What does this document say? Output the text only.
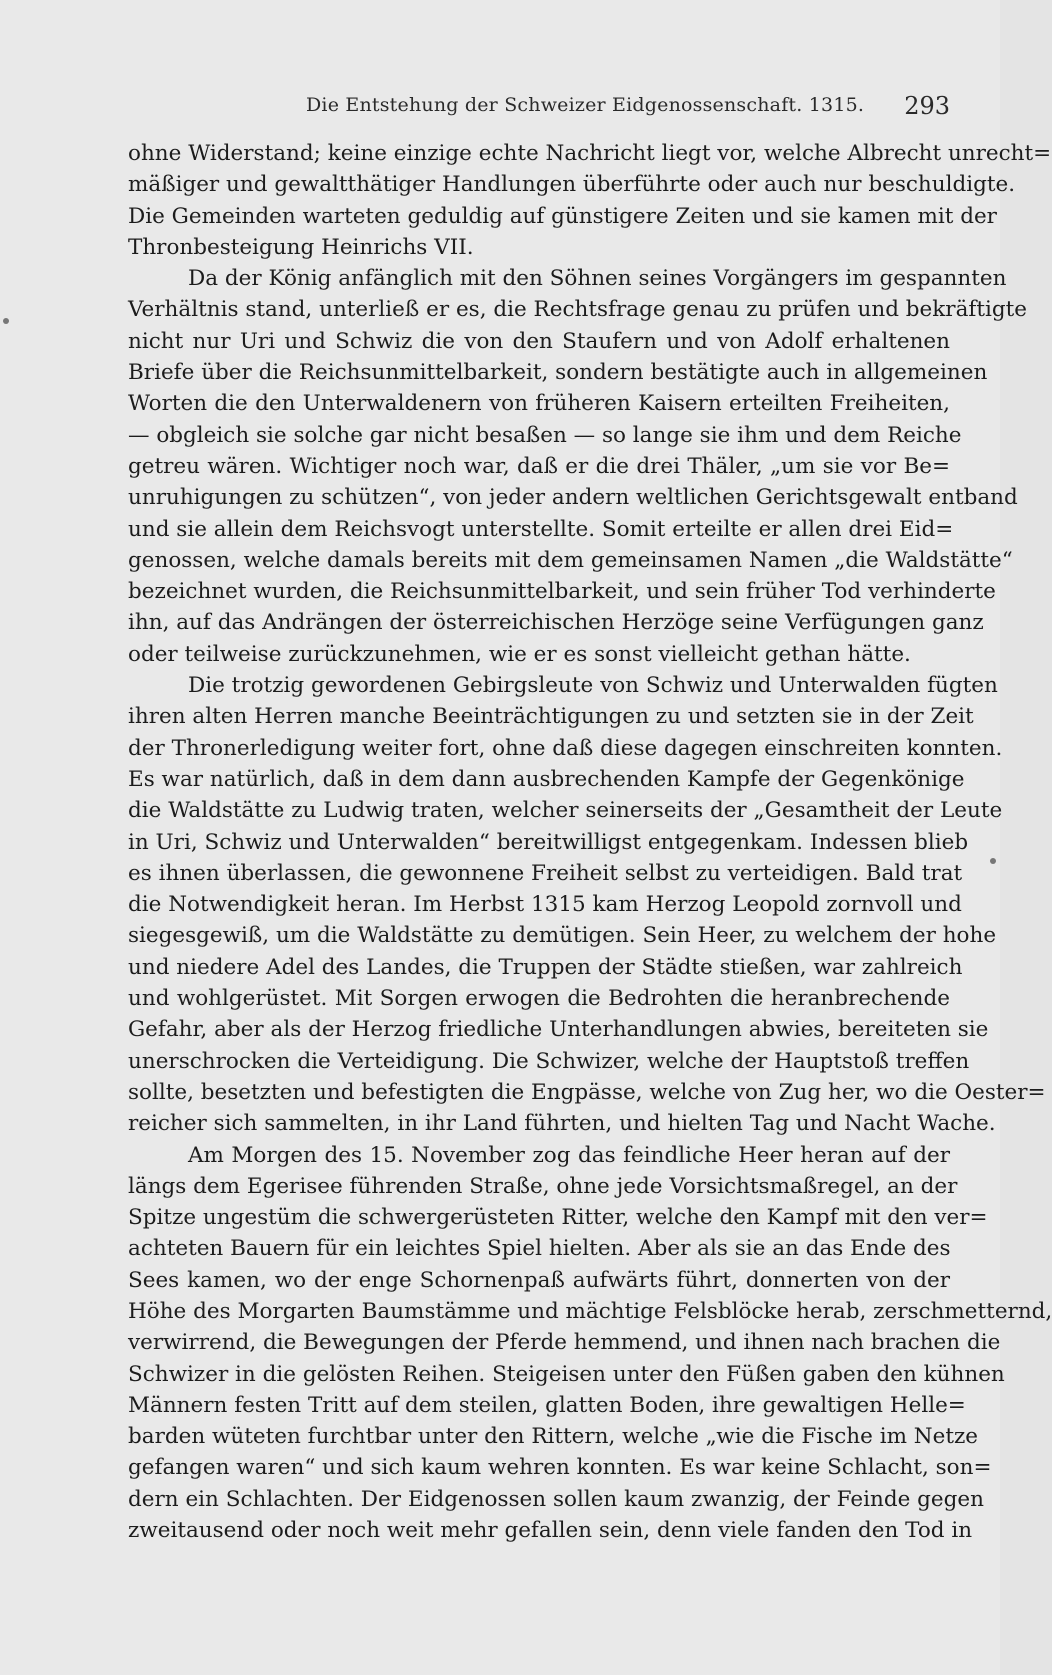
Die Entstehung der Schweizer Eidgenossenschaft. 1315. 293
ohne Widerstand; keine einzige echte Nachricht liegt vor, welche Albrecht unrecht=
mäßiger und gewaltthätiger Handlungen überführte oder auch nur beschuldigte.
Die Gemeinden warteten geduldig auf günstigere Zeiten und sie kamen mit der
Thronbesteigung Heinrichs VII.
Da der König anfänglich mit den Söhnen seines Vorgängers im gespannten
Verhältnis stand, unterließ er es, die Rechtsfrage genau zu prüfen und bekräftigte
nicht nur Uri und Schwiz die von den Staufern und von Adolf erhaltenen
Briefe über die Reichsunmittelbarkeit, sondern bestätigte auch in allgemeinen
Worten die den Unterwaldenern von früheren Kaisern erteilten Freiheiten,
— obgleich sie solche gar nicht besaßen — so lange sie ihm und dem Reiche
getreu wären. Wichtiger noch war, daß er die drei Thäler, „um sie vor Be=
unruhigungen zu schützen“, von jeder andern weltlichen Gerichtsgewalt entband
und sie allein dem Reichsvogt unterstellte. Somit erteilte er allen drei Eid=
genossen, welche damals bereits mit dem gemeinsamen Namen „die Waldstätte“
bezeichnet wurden, die Reichsunmittelbarkeit, und sein früher Tod verhinderte
ihn, auf das Andrängen der österreichischen Herzöge seine Verfügungen ganz
oder teilweise zurückzunehmen, wie er es sonst vielleicht gethan hätte.
Die trotzig gewordenen Gebirgsleute von Schwiz und Unterwalden fügten
ihren alten Herren manche Beeinträchtigungen zu und setzten sie in der Zeit
der Thronerledigung weiter fort, ohne daß diese dagegen einschreiten konnten.
Es war natürlich, daß in dem dann ausbrechenden Kampfe der Gegenkönige
die Waldstätte zu Ludwig traten, welcher seinerseits der „Gesamtheit der Leute
in Uri, Schwiz und Unterwalden“ bereitwilligst entgegenkam. Indessen blieb
es ihnen überlassen, die gewonnene Freiheit selbst zu verteidigen. Bald trat
die Notwendigkeit heran. Im Herbst 1315 kam Herzog Leopold zornvoll und
siegesgewiß, um die Waldstätte zu demütigen. Sein Heer, zu welchem der hohe
und niedere Adel des Landes, die Truppen der Städte stießen, war zahlreich
und wohlgerüstet. Mit Sorgen erwogen die Bedrohten die heranbrechende
Gefahr, aber als der Herzog friedliche Unterhandlungen abwies, bereiteten sie
unerschrocken die Verteidigung. Die Schwizer, welche der Hauptstoß treffen
sollte, besetzten und befestigten die Engpässe, welche von Zug her, wo die Oester=
reicher sich sammelten, in ihr Land führten, und hielten Tag und Nacht Wache.
Am Morgen des 15. November zog das feindliche Heer heran auf der
längs dem Egerisee führenden Straße, ohne jede Vorsichtsmaßregel, an der
Spitze ungestüm die schwergerüsteten Ritter, welche den Kampf mit den ver=
achteten Bauern für ein leichtes Spiel hielten. Aber als sie an das Ende des
Sees kamen, wo der enge Schornenpaß aufwärts führt, donnerten von der
Höhe des Morgarten Baumstämme und mächtige Felsblöcke herab, zerschmetternd,
verwirrend, die Bewegungen der Pferde hemmend, und ihnen nach brachen die
Schwizer in die gelösten Reihen. Steigeisen unter den Füßen gaben den kühnen
Männern festen Tritt auf dem steilen, glatten Boden, ihre gewaltigen Helle=
barden wüteten furchtbar unter den Rittern, welche „wie die Fische im Netze
gefangen waren“ und sich kaum wehren konnten. Es war keine Schlacht, son=
dern ein Schlachten. Der Eidgenossen sollen kaum zwanzig, der Feinde gegen
zweitausend oder noch weit mehr gefallen sein, denn viele fanden den Tod in
